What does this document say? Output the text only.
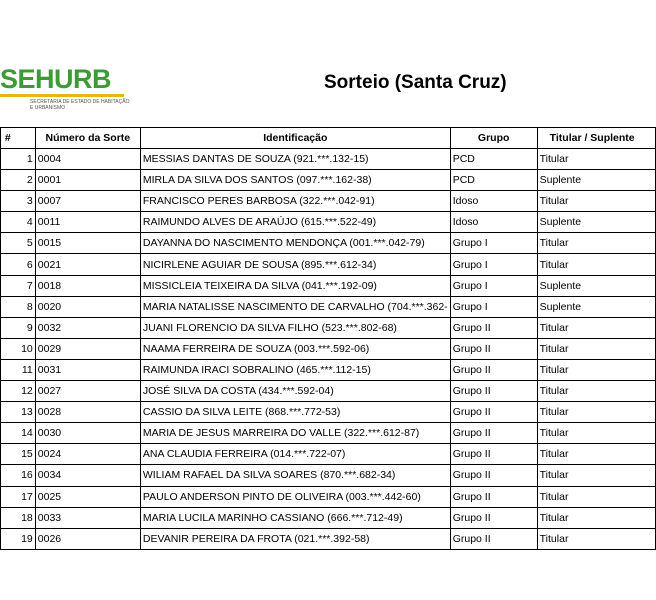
SEHURB
SECRETARIA DE ESTADO DE HABITAÇÃO E URBANISMO
Sorteio (Santa Cruz)
#	Número da Sorte	Identificação	Grupo	Titular / Suplente
1	0004	MESSIAS DANTAS DE SOUZA (921.***.132-15)	PCD	Titular
2	0001	MIRLA DA SILVA DOS SANTOS (097.***.162-38)	PCD	Suplente
3	0007	FRANCISCO PERES BARBOSA (322.***.042-91)	Idoso	Titular
4	0011	RAIMUNDO ALVES DE ARAÚJO (615.***.522-49)	Idoso	Suplente
5	0015	DAYANNA DO NASCIMENTO MENDONÇA (001.***.042-79)	Grupo I	Titular
6	0021	NICIRLENE AGUIAR DE SOUSA (895.***.612-34)	Grupo I	Titular
7	0018	MISSICLEIA TEIXEIRA DA SILVA (041.***.192-09)	Grupo I	Suplente
8	0020	MARIA NATALISSE NASCIMENTO DE CARVALHO (704.***.362-	Grupo I	Suplente
9	0032	JUANI FLORENCIO DA SILVA FILHO (523.***.802-68)	Grupo II	Titular
10	0029	NAAMA FERREIRA DE SOUZA (003.***.592-06)	Grupo II	Titular
11	0031	RAIMUNDA IRACI SOBRALINO (465.***.112-15)	Grupo II	Titular
12	0027	JOSÉ SILVA DA COSTA (434.***.592-04)	Grupo II	Titular
13	0028	CASSIO DA SILVA LEITE (868.***.772-53)	Grupo II	Titular
14	0030	MARIA DE JESUS MARREIRA DO VALLE (322.***.612-87)	Grupo II	Titular
15	0024	ANA CLAUDIA FERREIRA (014.***.722-07)	Grupo II	Titular
16	0034	WILIAM RAFAEL DA SILVA SOARES (870.***.682-34)	Grupo II	Titular
17	0025	PAULO ANDERSON PINTO DE OLIVEIRA (003.***.442-60)	Grupo II	Titular
18	0033	MARIA LUCILA MARINHO CASSIANO (666.***.712-49)	Grupo II	Titular
19	0026	DEVANIR PEREIRA DA FROTA (021.***.392-58)	Grupo II	Titular
